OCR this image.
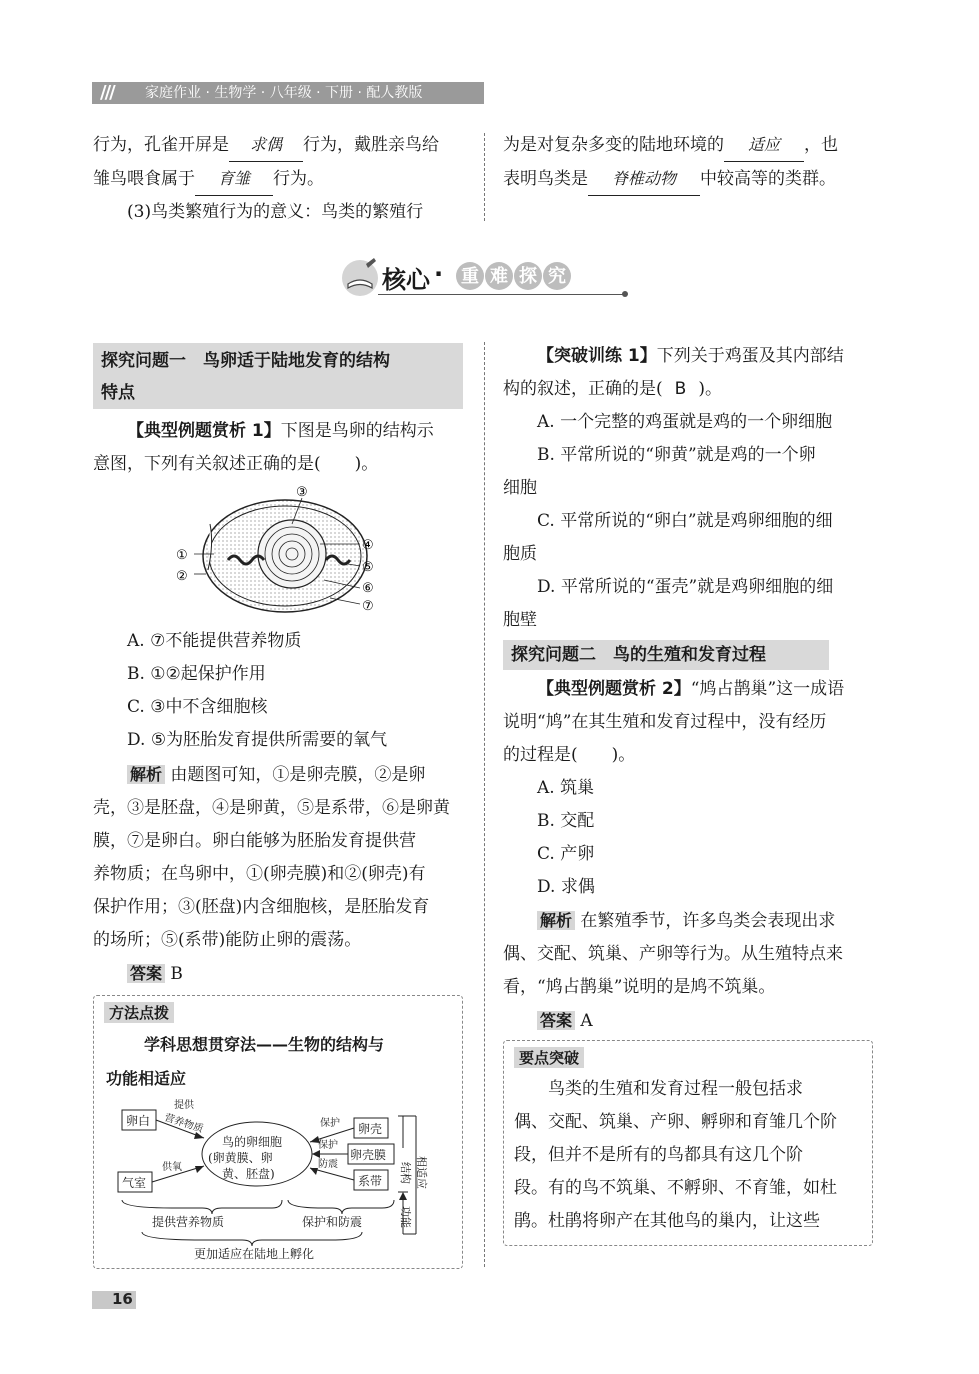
/// 家庭作业 · 生物学 · 八年级 · 下册 · 配人教版

行为，孔雀开屏是 求偶 行为，戴胜亲鸟给

雏鸟喂食属于 育雏 行为。

(3)鸟类繁殖行为的意义：鸟类的繁殖行

为是对复杂多变的陆地环境的 适应 ，也

表明鸟类是 脊椎动物 中较高等的类群。

核心 · 重 难 探 究
探究问题一　鸟卵适于陆地发育的结构
特点

【典型例题赏析 1】下图是鸟卵的结构示

意图，下列有关叙述正确的是(　　)。

③
①
②
④
⑤
⑥
⑦

A. ⑦不能提供营养物质

B. ①②起保护作用

C. ③中不含细胞核

D. ⑤为胚胎发育提供所需要的氧气

解析 由题图可知，①是卵壳膜，②是卵

壳，③是胚盘，④是卵黄，⑤是系带，⑥是卵黄

膜，⑦是卵白。卵白能够为胚胎发育提供营

养物质；在鸟卵中，①(卵壳膜)和②(卵壳)有

保护作用；③(胚盘)内含细胞核，是胚胎发育

的场所；⑤(系带)能防止卵的震荡。

答案 B

方法点拨
学科思想贯穿法——生物的结构与
功能相适应
卵白
气室
鸟的卵细胞
(卵黄膜、卵
黄、胚盘)
卵壳
卵壳膜
系带
提供
营养物质
供氧
保护
保护
防震	结构
功能
相适应
提供营养物质	保护和防震
更加适应在陆地上孵化

【突破训练 1】下列关于鸡蛋及其内部结

构的叙述，正确的是( B )。

A. 一个完整的鸡蛋就是鸡的一个卵细胞

B. 平常所说的“卵黄”就是鸡的一个卵

细胞

C. 平常所说的“卵白”就是鸡卵细胞的细

胞质

D. 平常所说的“蛋壳”就是鸡卵细胞的细

胞壁

探究问题二　鸟的生殖和发育过程

【典型例题赏析 2】“鸠占鹊巢”这一成语

说明“鸠”在其生殖和发育过程中，没有经历

的过程是(　　)。

A. 筑巢

B. 交配

C. 产卵

D. 求偶

解析 在繁殖季节，许多鸟类会表现出求

偶、交配、筑巢、产卵等行为。从生殖特点来

看，“鸠占鹊巢”说明的是鸠不筑巢。

答案 A

要点突破

鸟类的生殖和发育过程一般包括求

偶、交配、筑巢、产卵、孵卵和育雏几个阶

段，但并不是所有的鸟都具有这几个阶

段。有的鸟不筑巢、不孵卵、不育雏，如杜

鹃。杜鹃将卵产在其他鸟的巢内，让这些

16
